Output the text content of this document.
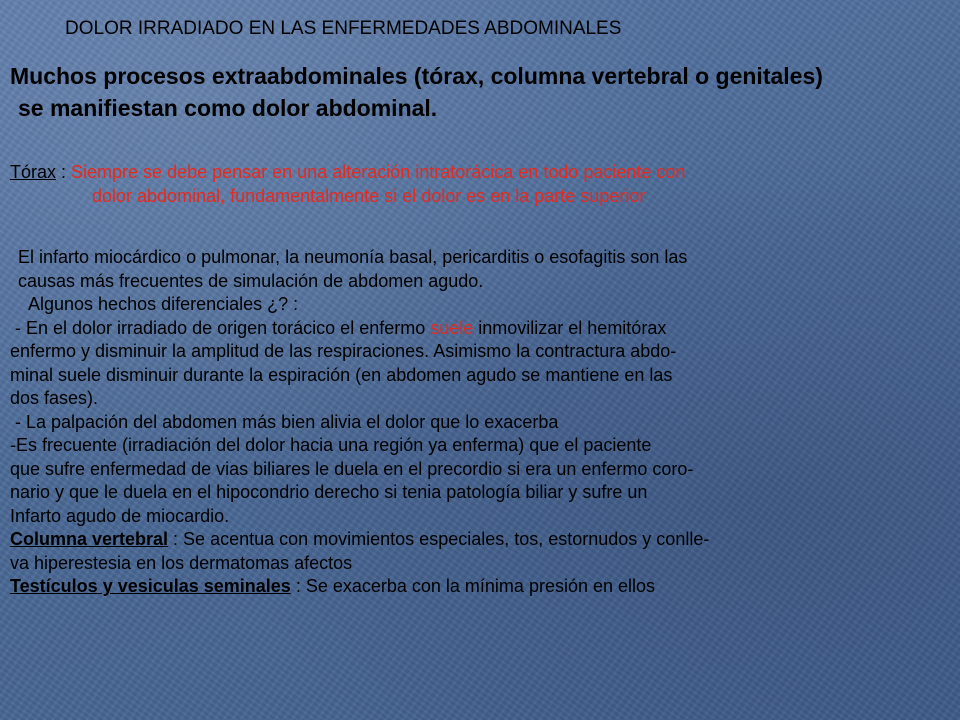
DOLOR IRRADIADO EN LAS ENFERMEDADES ABDOMINALES
Muchos procesos extraabdominales (tórax, columna vertebral o genitales)
se manifiestan como dolor abdominal.
Tórax : Siempre se debe pensar en una alteración intratorácica en todo paciente con
dolor abdominal, fundamentalmente si el dolor es en la parte superior
El infarto miocárdico o pulmonar, la neumonía basal, pericarditis o esofagitis son las
causas más frecuentes de simulación de abdomen agudo.
Algunos hechos diferenciales ¿? :
- En el dolor irradiado de origen torácico el enfermo suele inmovilizar el hemitórax
enfermo y disminuir la amplitud de las respiraciones. Asimismo la contractura abdo-
minal suele disminuir durante la espiración (en abdomen agudo se mantiene en las
dos fases).
- La palpación del abdomen más bien alivia el dolor que lo exacerba
-Es frecuente (irradiación del dolor hacia una región ya enferma) que el paciente
que sufre enfermedad de vias biliares le duela en el precordio si era un enfermo coro-
nario y que le duela en el hipocondrio derecho si tenia patología biliar y sufre un
Infarto agudo de miocardio.
Columna vertebral : Se acentua con movimientos especiales, tos, estornudos y conlle-
va hiperestesia en los dermatomas afectos
Testículos y vesiculas seminales : Se exacerba con la mínima presión en ellos
